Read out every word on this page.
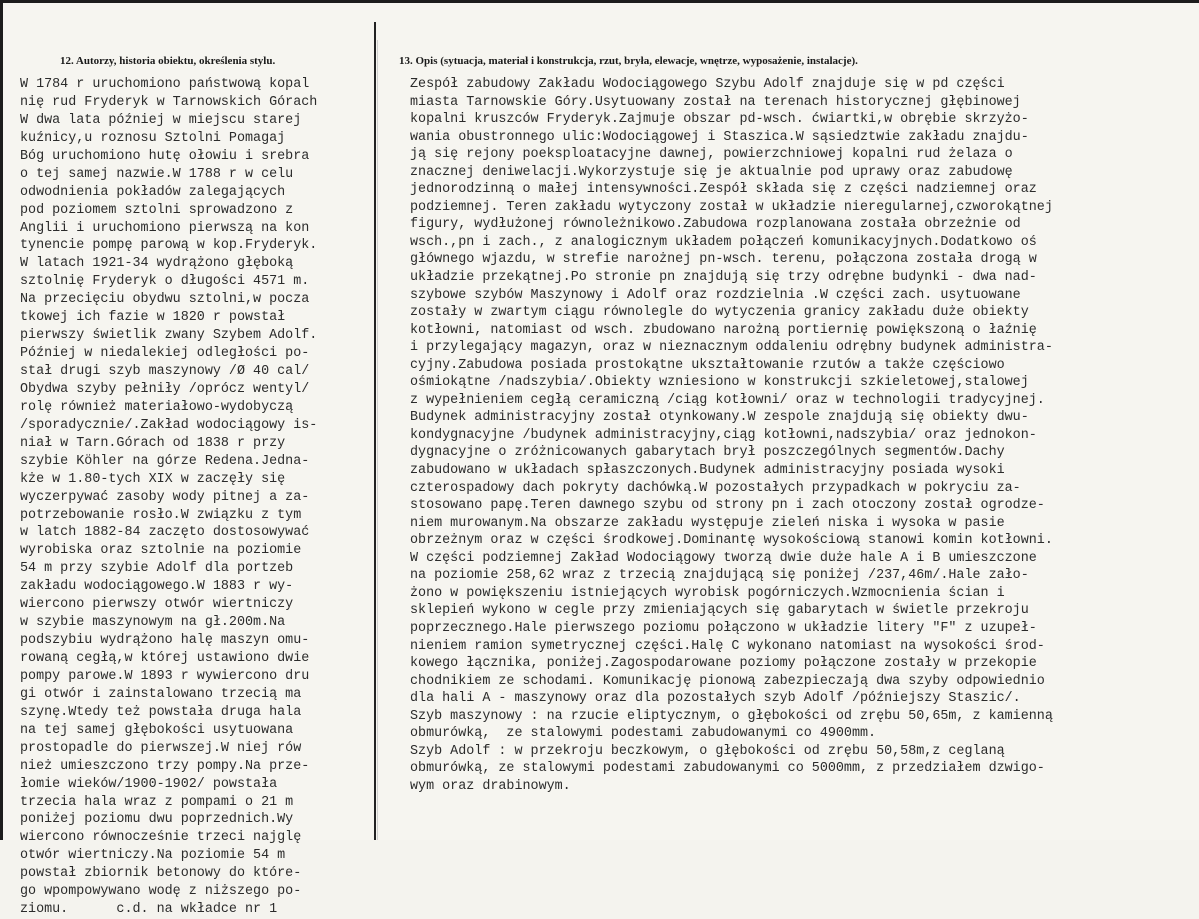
12. Autorzy, historia obiektu, określenia stylu.	13. Opis (sytuacja, materiał i konstrukcja, rzut, bryła, elewacje, wnętrze, wyposażenie, instalacje).
W 1784 r uruchomiono państwową kopal
nię rud Fryderyk w Tarnowskich Górach
W dwa lata później w miejscu starej
kuźnicy,u roznosu Sztolni Pomagaj
Bóg uruchomiono hutę ołowiu i srebra
o tej samej nazwie.W 1788 r w celu
odwodnienia pokładów zalegających
pod poziomem sztolni sprowadzono z
Anglii i uruchomiono pierwszą na kon
tynencie pompę parową w kop.Fryderyk.
W latach 1921-34 wydrążono głęboką
sztolnię Fryderyk o długości 4571 m.
Na przecięciu obydwu sztolni,w pocza
tkowej ich fazie w 1820 r powstał
pierwszy świetlik zwany Szybem Adolf.
Później w niedalekiej odległości po-
stał drugi szyb maszynowy /Ø 40 cal/
Obydwa szyby pełniły /oprócz wentyl/
rolę również materiałowo-wydobyczą
/sporadycznie/.Zakład wodociągowy is-
niał w Tarn.Górach od 1838 r przy
szybie Köhler na górze Redena.Jedna-
kże w 1.80-tych XIX w zaczęły się
wyczerpywać zasoby wody pitnej a za-
potrzebowanie rosło.W związku z tym
w latch 1882-84 zaczęto dostosowywać
wyrobiska oraz sztolnie na poziomie
54 m przy szybie Adolf dla portzeb
zakładu wodociągowego.W 1883 r wy-
wiercono pierwszy otwór wiertniczy
w szybie maszynowym na gł.200m.Na
podszybiu wydrążono halę maszyn omu-
rowaną cegłą,w której ustawiono dwie
pompy parowe.W 1893 r wywiercono dru
gi otwór i zainstalowano trzecią ma
szynę.Wtedy też powstała druga hala
na tej samej głębokości usytuowana
prostopadle do pierwszej.W niej rów
nież umieszczono trzy pompy.Na prze-
łomie wieków/1900-1902/ powstała
trzecia hala wraz z pompami o 21 m
poniżej poziomu dwu poprzednich.Wy
wiercono równocześnie trzeci najglę
otwór wiertniczy.Na poziomie 54 m
powstał zbiornik betonowy do które-
go wpompowywano wodę z niższego po-
ziomu.      c.d. na wkładce nr 1
Zespół zabudowy Zakładu Wodociągowego Szybu Adolf znajduje się w pd części
miasta Tarnowskie Góry.Usytuowany został na terenach historycznej głębinowej
kopalni kruszców Fryderyk.Zajmuje obszar pd-wsch. ćwiartki,w obrębie skrzyżo-
wania obustronnego ulic:Wodociągowej i Staszica.W sąsiedztwie zakładu znajdu-
ją się rejony poeksploatacyjne dawnej, powierzchniowej kopalni rud żelaza o
znacznej deniwelacji.Wykorzystuje się je aktualnie pod uprawy oraz zabudowę
jednorodzinną o małej intensywności.Zespół składa się z części nadziemnej oraz
podziemnej. Teren zakładu wytyczony został w układzie nieregularnej,czworokątnej
figury, wydłużonej równoleżnikowo.Zabudowa rozplanowana została obrzeżnie od
wsch.,pn i zach., z analogicznym układem połączeń komunikacyjnych.Dodatkowo oś
głównego wjazdu, w strefie narożnej pn-wsch. terenu, połączona została drogą w
układzie przekątnej.Po stronie pn znajdują się trzy odrębne budynki - dwa nad-
szybowe szybów Maszynowy i Adolf oraz rozdzielnia .W części zach. usytuowane
zostały w zwartym ciągu równolegle do wytyczenia granicy zakładu duże obiekty
kotłowni, natomiast od wsch. zbudowano narożną portiernię powiększoną o łaźnię
i przylegający magazyn, oraz w nieznacznym oddaleniu odrębny budynek administra-
cyjny.Zabudowa posiada prostokątne ukształtowanie rzutów a także częściowo
ośmiokątne /nadszybia/.Obiekty wzniesiono w konstrukcji szkieletowej,stalowej
z wypełnieniem cegłą ceramiczną /ciąg kotłowni/ oraz w technologii tradycyjnej.
Budynek administracyjny został otynkowany.W zespole znajdują się obiekty dwu-
kondygnacyjne /budynek administracyjny,ciąg kotłowni,nadszybia/ oraz jednokon-
dygnacyjne o zróżnicowanych gabarytach brył poszczególnych segmentów.Dachy
zabudowano w układach spłaszczonych.Budynek administracyjny posiada wysoki
czterospadowy dach pokryty dachówką.W pozostałych przypadkach w pokryciu za-
stosowano papę.Teren dawnego szybu od strony pn i zach otoczony został ogrodze-
niem murowanym.Na obszarze zakładu występuje zieleń niska i wysoka w pasie
obrzeżnym oraz w części środkowej.Dominantę wysokościową stanowi komin kotłowni.
W części podziemnej Zakład Wodociągowy tworzą dwie duże hale A i B umieszczone
na poziomie 258,62 wraz z trzecią znajdującą się poniżej /237,46m/.Hale zało-
żono w powiększeniu istniejących wyrobisk pogórniczych.Wzmocnienia ścian i
sklepień wykono w cegle przy zmieniających się gabarytach w świetle przekroju
poprzecznego.Hale pierwszego poziomu połączono w układzie litery "F" z uzupeł-
nieniem ramion symetrycznej części.Halę C wykonano natomiast na wysokości środ-
kowego łącznika, poniżej.Zagospodarowane poziomy połączone zostały w przekopie
chodnikiem ze schodami. Komunikację pionową zabezpieczają dwa szyby odpowiednio
dla hali A - maszynowy oraz dla pozostałych szyb Adolf /późniejszy Staszic/.
Szyb maszynowy : na rzucie eliptycznym, o głębokości od zrębu 50,65m, z kamienną
obmurówką,  ze stalowymi podestami zabudowanymi co 4900mm.
Szyb Adolf : w przekroju beczkowym, o głębokości od zrębu 50,58m,z ceglaną
obmurówką, ze stalowymi podestami zabudowanymi co 5000mm, z przedziałem dzwigo-
wym oraz drabinowym.
